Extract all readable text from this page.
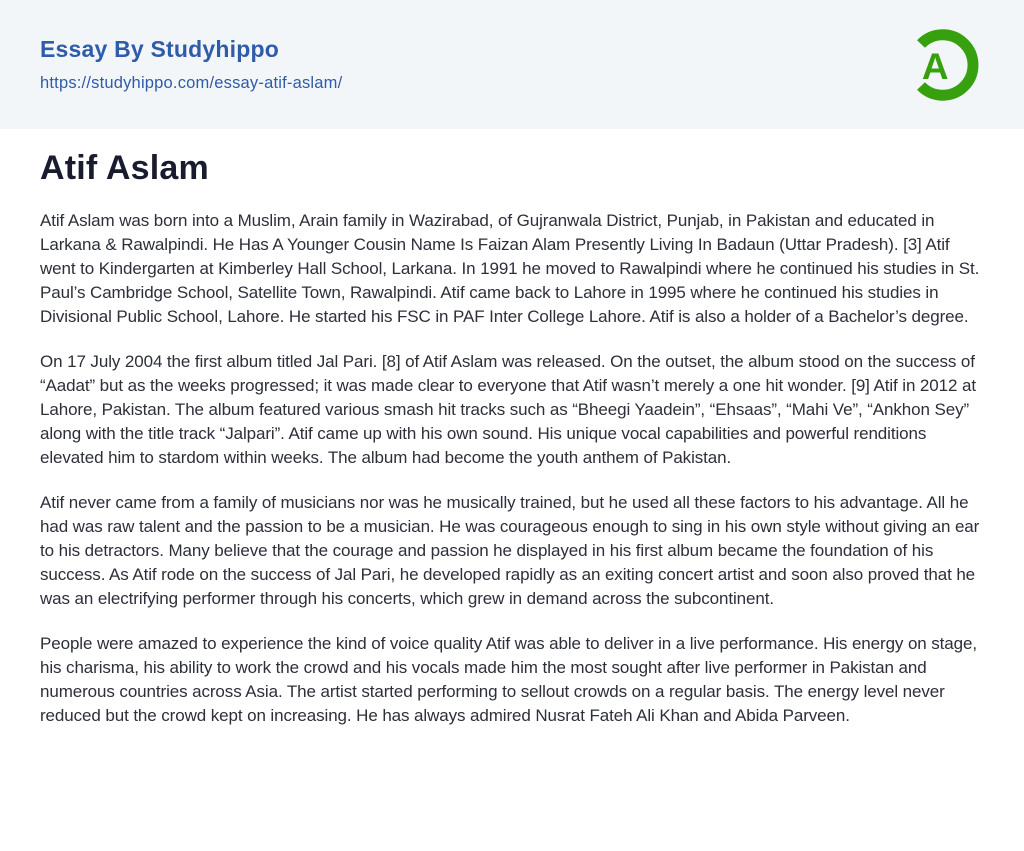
Essay By Studyhippo
https://studyhippo.com/essay-atif-aslam/	A
Atif Aslam

Atif Aslam was born into a Muslim, Arain family in Wazirabad, of Gujranwala District, Punjab, in Pakistan and educated in Larkana & Rawalpindi. He Has A Younger Cousin Name Is Faizan Alam Presently Living In Badaun (Uttar Pradesh). [3] Atif went to Kindergarten at Kimberley Hall School, Larkana. In 1991 he moved to Rawalpindi where he continued his studies in St. Paul’s Cambridge School, Satellite Town, Rawalpindi. Atif came back to Lahore in 1995 where he continued his studies in Divisional Public School, Lahore. He started his FSC in PAF Inter College Lahore. Atif is also a holder of a Bachelor’s degree.

On 17 July 2004 the first album titled Jal Pari. [8] of Atif Aslam was released. On the outset, the album stood on the success of “Aadat” but as the weeks progressed; it was made clear to everyone that Atif wasn’t merely a one hit wonder. [9] Atif in 2012 at Lahore, Pakistan. The album featured various smash hit tracks such as “Bheegi Yaadein”, “Ehsaas”, “Mahi Ve”, “Ankhon Sey” along with the title track “Jalpari”. Atif came up with his own sound. His unique vocal capabilities and powerful renditions elevated him to stardom within weeks. The album had become the youth anthem of Pakistan.

Atif never came from a family of musicians nor was he musically trained, but he used all these factors to his advantage. All he had was raw talent and the passion to be a musician. He was courageous enough to sing in his own style without giving an ear to his detractors. Many believe that the courage and passion he displayed in his first album became the foundation of his success. As Atif rode on the success of Jal Pari, he developed rapidly as an exiting concert artist and soon also proved that he was an electrifying performer through his concerts, which grew in demand across the subcontinent.

People were amazed to experience the kind of voice quality Atif was able to deliver in a live performance. His energy on stage, his charisma, his ability to work the crowd and his vocals made him the most sought after live performer in Pakistan and numerous countries across Asia. The artist started performing to sellout crowds on a regular basis. The energy level never reduced but the crowd kept on increasing. He has always admired Nusrat Fateh Ali Khan and Abida Parveen.
